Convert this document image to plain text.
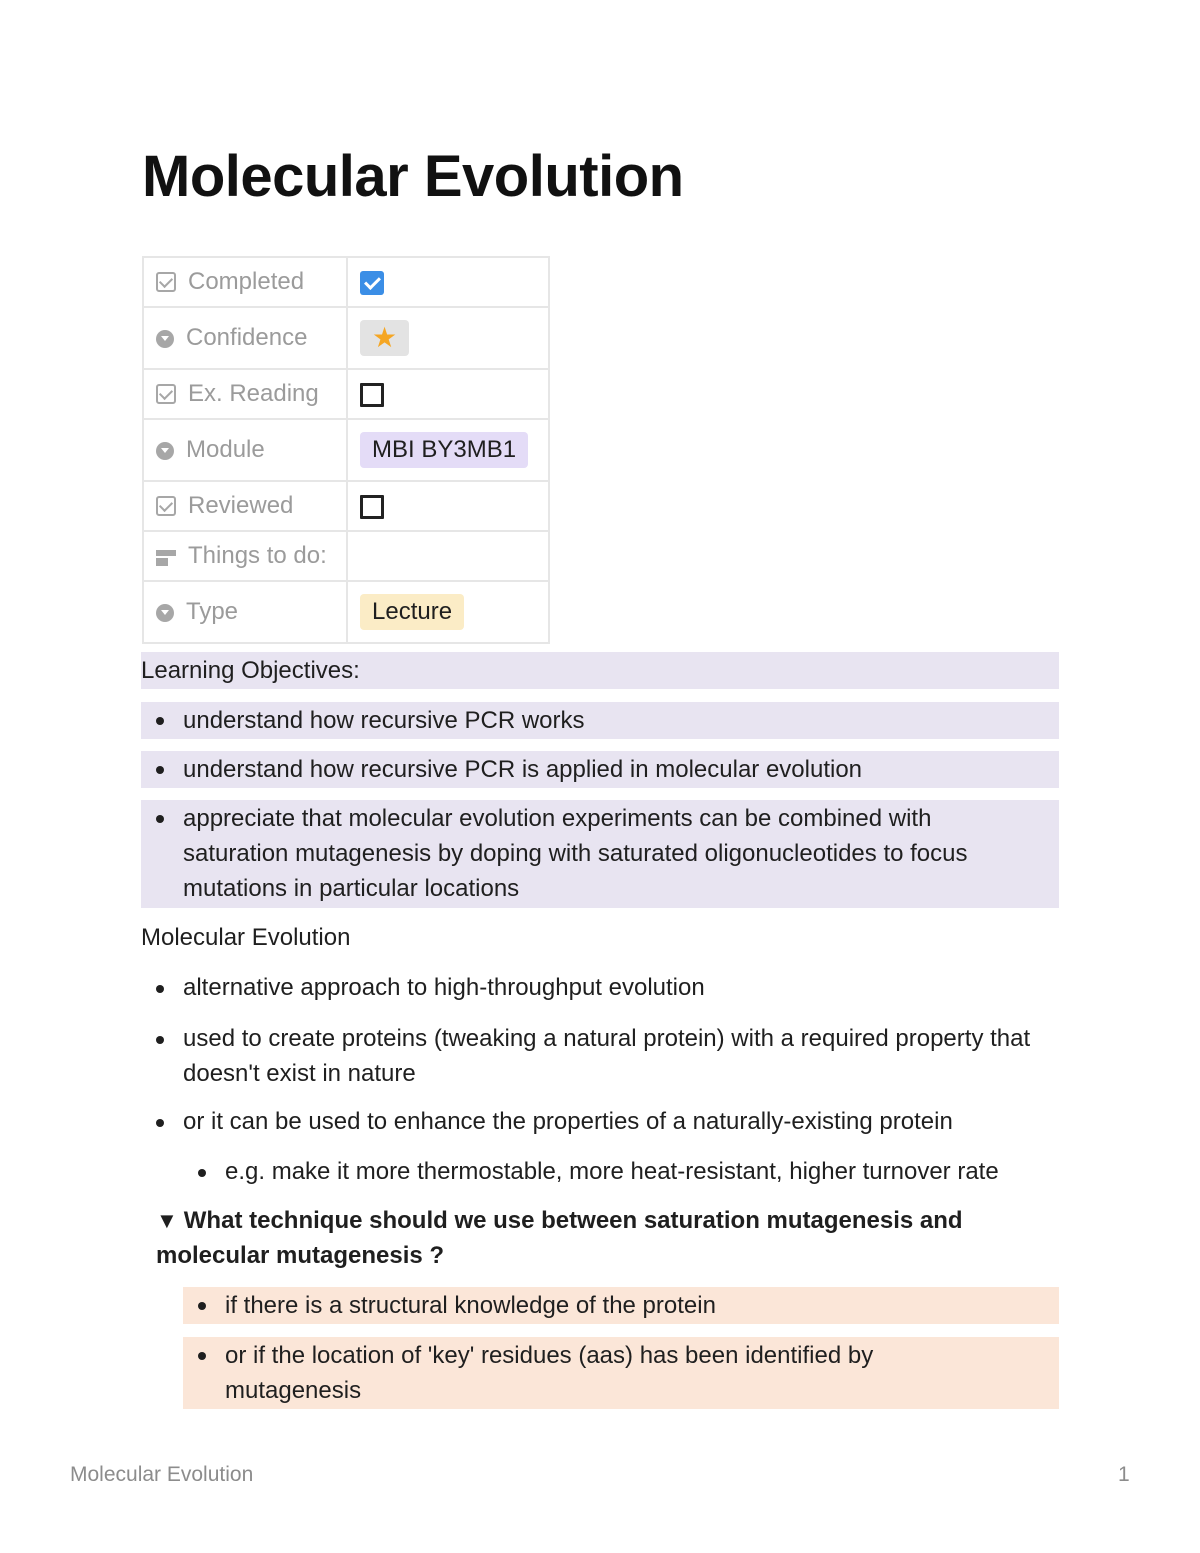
Molecular Evolution
Completed	
Confidence	★
Ex. Reading	
Module	MBI BY3MB1
Reviewed	
Things to do:	
Type	Lecture
Learning Objectives:
understand how recursive PCR works
understand how recursive PCR is applied in molecular evolution
appreciate that molecular evolution experiments can be combined with saturation mutagenesis by doping with saturated oligonucleotides to focus mutations in particular locations
Molecular Evolution
alternative approach to high-throughput evolution
used to create proteins (tweaking a natural protein) with a required property that doesn't exist in nature
or it can be used to enhance the properties of a naturally-existing protein
e.g. make it more thermostable, more heat-resistant, higher turnover rate
▼ What technique should we use between saturation mutagenesis and molecular mutagenesis ?
if there is a structural knowledge of the protein
or if the location of 'key' residues (aas) has been identified by mutagenesis
Molecular Evolution	1
